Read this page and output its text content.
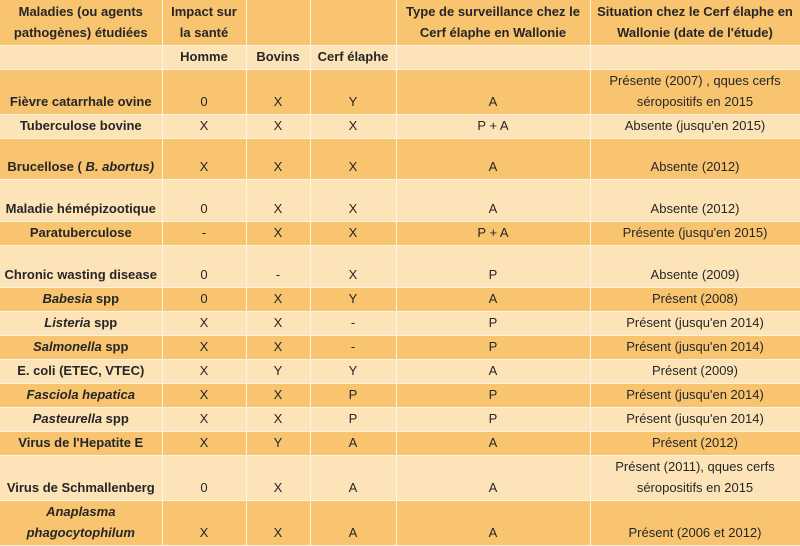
Maladies (ou agents pathogènes) étudiées	Impact sur la santé			Type de surveillance chez le Cerf élaphe en Wallonie	Situation chez le Cerf élaphe en Wallonie (date de l'étude)
	Homme	Bovins	Cerf élaphe		
Fièvre catarrhale ovine	0	X	Y	A	Présente (2007) , qques cerfs séropositifs en 2015
Tuberculose bovine	X	X	X	P + A	Absente (jusqu'en 2015)
Brucellose ( B. abortus)	X	X	X	A	Absente (2012)
Maladie hémépizootique	0	X	X	A	Absente (2012)
Paratuberculose	-	X	X	P + A	Présente (jusqu'en 2015)
Chronic wasting disease	0	-	X	P	Absente (2009)
Babesia spp	0	X	Y	A	Présent (2008)
Listeria spp	X	X	-	P	Présent (jusqu'en 2014)
Salmonella spp	X	X	-	P	Présent (jusqu'en 2014)
E. coli (ETEC, VTEC)	X	Y	Y	A	Présent (2009)
Fasciola hepatica	X	X	P	P	Présent (jusqu'en 2014)
Pasteurella spp	X	X	P	P	Présent (jusqu'en 2014)
Virus de l'Hepatite E	X	Y	A	A	Présent (2012)
Virus de Schmallenberg	0	X	A	A	Présent (2011), qques cerfs séropositifs en 2015
Anaplasma phagocytophilum	X	X	A	A	Présent (2006 et 2012)
